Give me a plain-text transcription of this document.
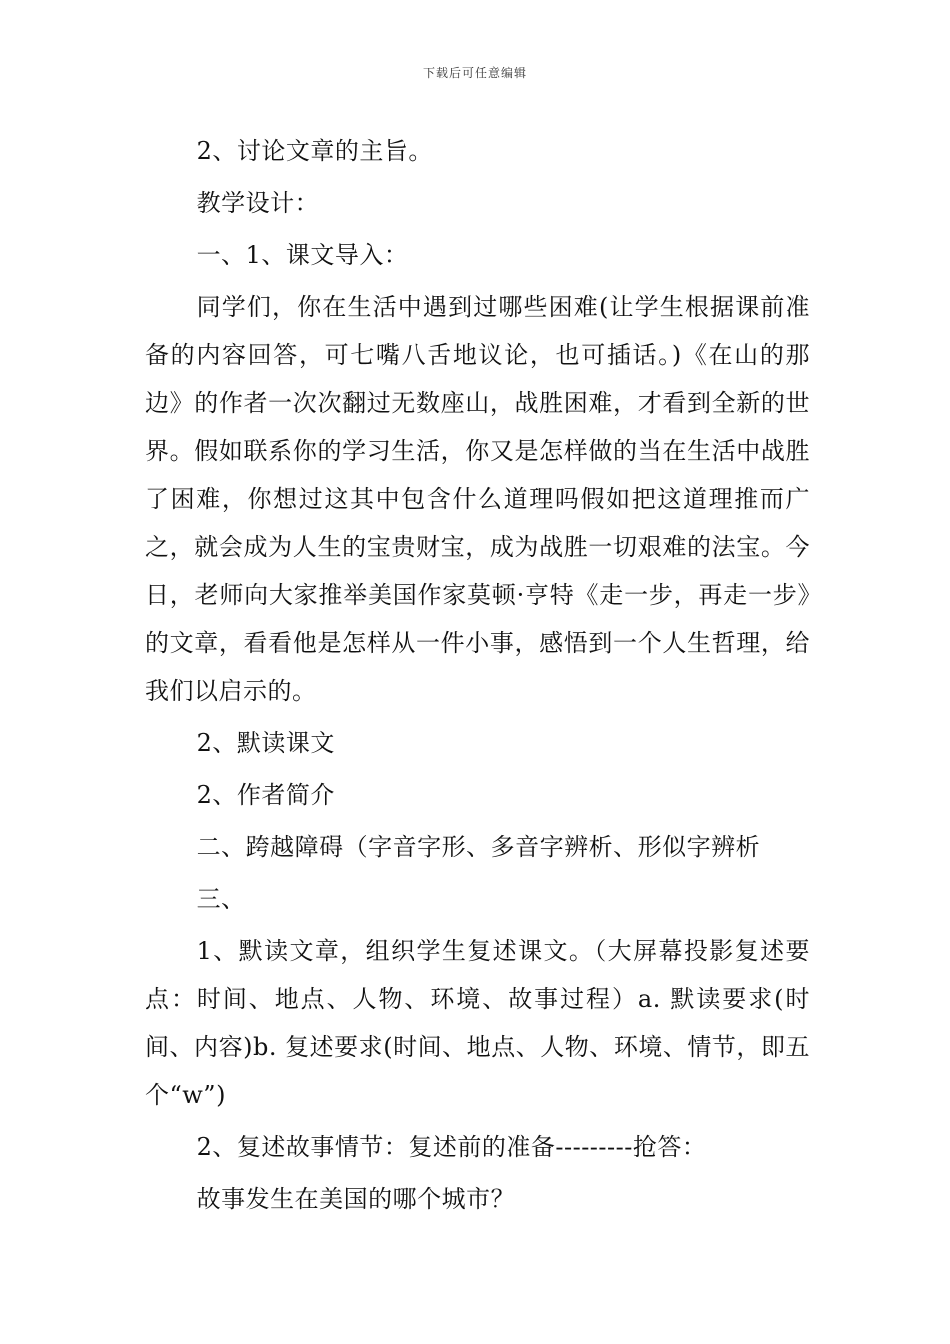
下载后可任意编辑

2、讨论文章的主旨。

教学设计：

一、1、课文导入：

同学们，你在生活中遇到过哪些困难(让学生根据课前准备的内容回答，可七嘴八舌地议论，也可插话。)《在山的那边》的作者一次次翻过无数座山，战胜困难，才看到全新的世界。假如联系你的学习生活，你又是怎样做的当在生活中战胜了困难，你想过这其中包含什么道理吗假如把这道理推而广之，就会成为人生的宝贵财宝，成为战胜一切艰难的法宝。今日，老师向大家推举美国作家莫顿·亨特《走一步，再走一步》的文章，看看他是怎样从一件小事，感悟到一个人生哲理，给我们以启示的。

2、默读课文

2、作者简介

二、跨越障碍（字音字形、多音字辨析、形似字辨析

三、

1、默读文章，组织学生复述课文。（大屏幕投影复述要点：时间、地点、人物、环境、故事过程）a. 默读要求(时间、内容)b. 复述要求(时间、地点、人物、环境、情节，即五个“w”)

2、复述故事情节：复述前的准备---------抢答：

故事发生在美国的哪个城市？
